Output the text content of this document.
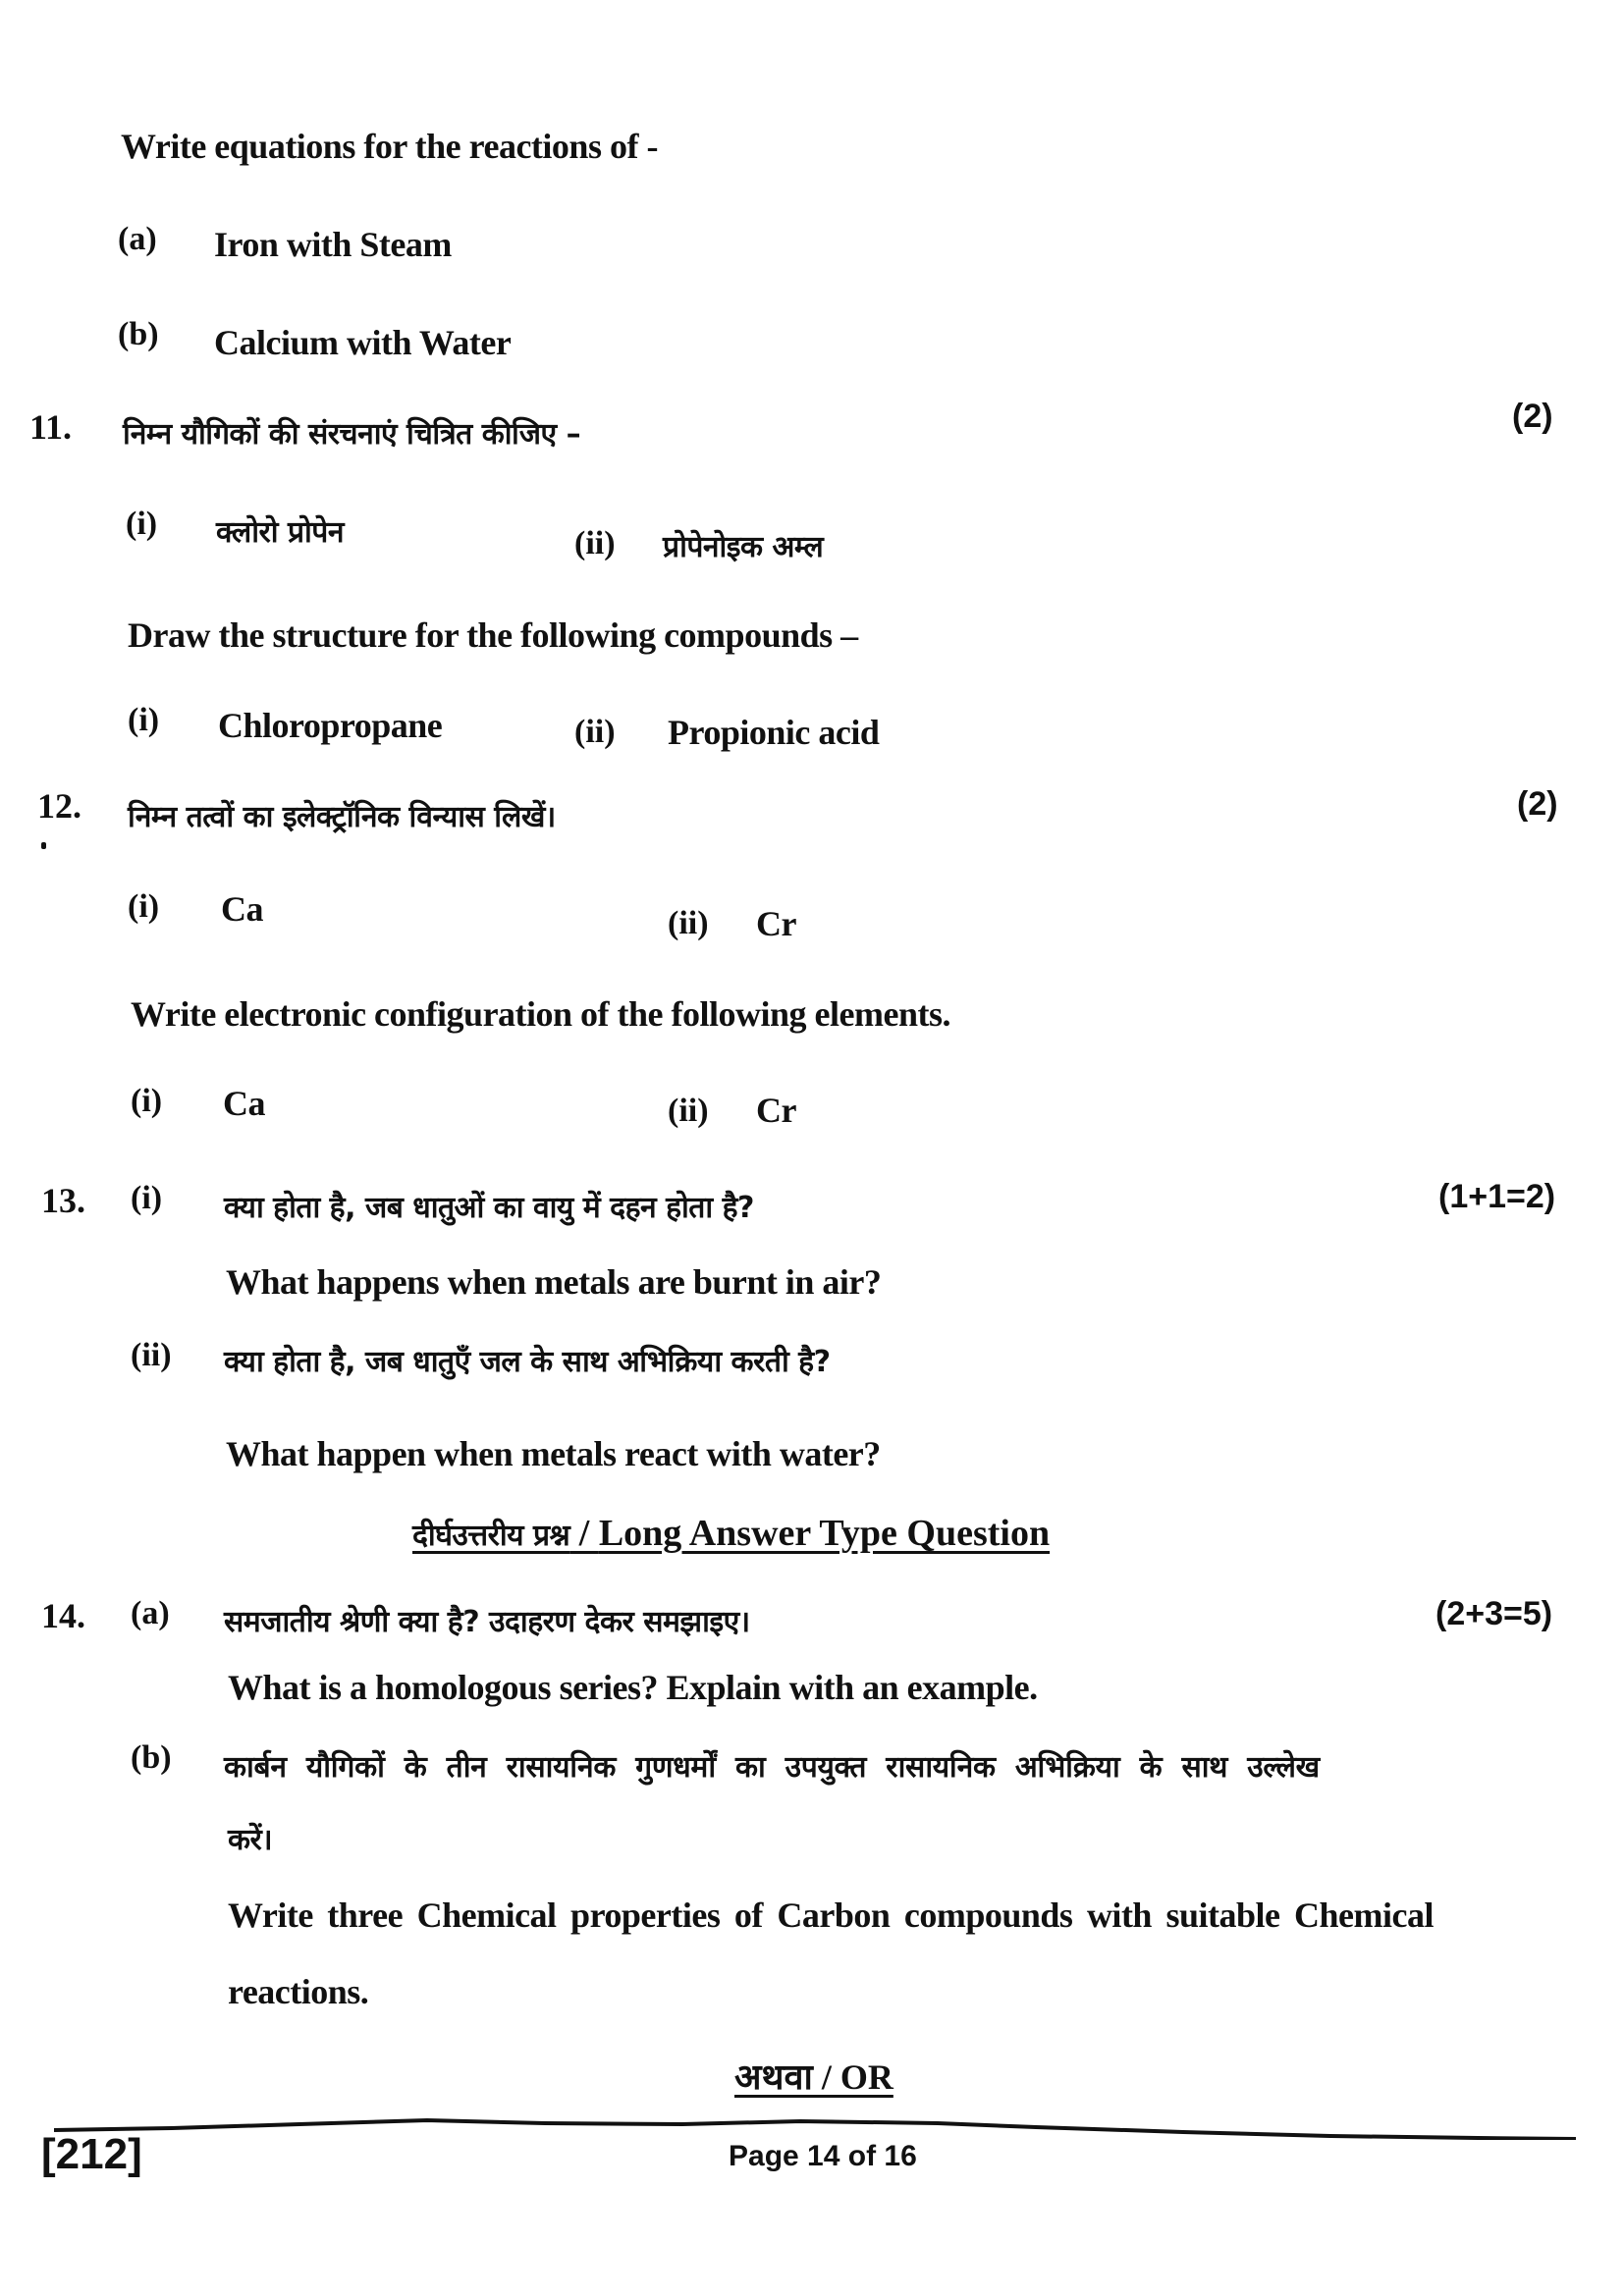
Write equations for the reactions of -
(a) Iron with Steam
(b) Calcium with Water
11. निम्न यौगिकों की संरचनाएं चित्रित कीजिए –	(2)
(i) क्लोरो प्रोपेन	(ii) प्रोपेनोइक अम्ल
Draw the structure for the following compounds –
(i) Chloropropane	(ii) Propionic acid
12. निम्न तत्वों का इलेक्ट्रॉनिक विन्यास लिखें।	(2)
(i) Ca	(ii) Cr
Write electronic configuration of the following elements.
(i) Ca	(ii) Cr
13. (i) क्या होता है, जब धातुओं का वायु में दहन होता है?	(1+1=2)
What happens when metals are burnt in air?
(ii) क्या होता है, जब धातुएँ जल के साथ अभिक्रिया करती है?
What happen when metals react with water?
दीर्घउत्तरीय प्रश्न / Long Answer Type Question
14. (a) समजातीय श्रेणी क्या है? उदाहरण देकर समझाइए।	(2+3=5)
What is a homologous series? Explain with an example.
(b) कार्बन यौगिकों के तीन रासायनिक गुणधर्मों का उपयुक्त रासायनिक अभिक्रिया के साथ उल्लेख
करें।
Write three Chemical properties of Carbon compounds with suitable Chemical
reactions.
अथवा / OR
[212]	Page 14 of 16
